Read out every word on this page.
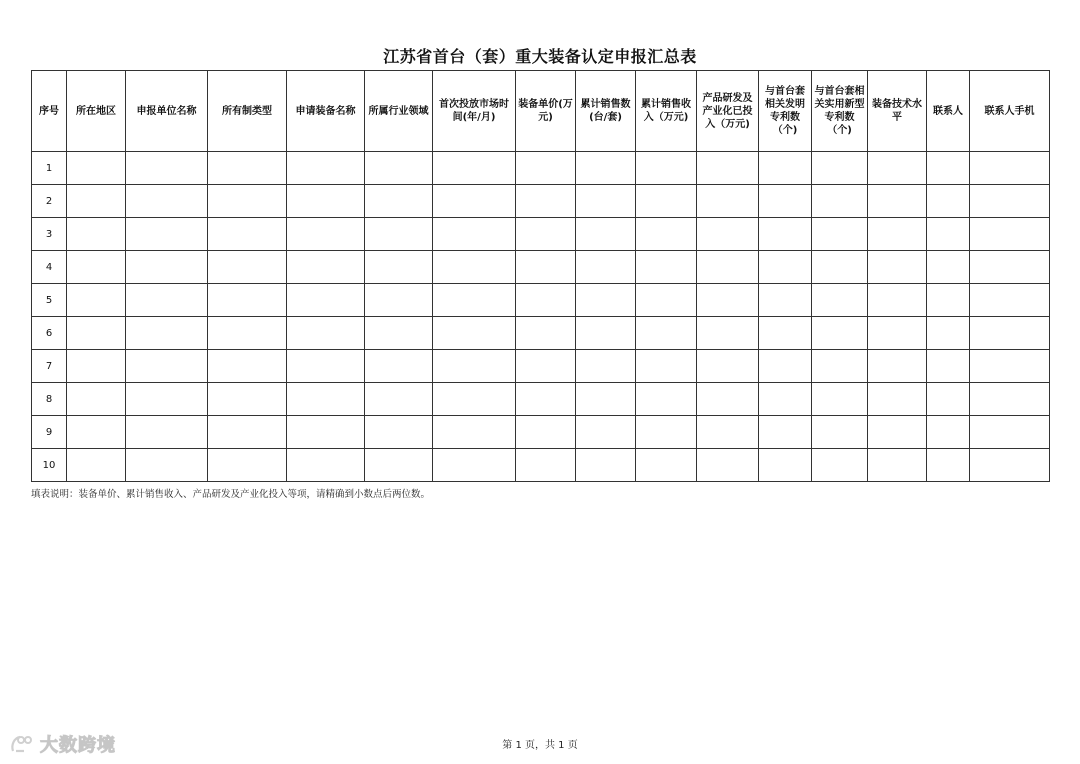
江苏省首台（套）重大装备认定申报汇总表
序号	所在地区	申报单位名称	所有制类型	申请装备名称	所属行业领域	首次投放市场时间(年/月)	装备单价(万元)	累计销售数(台/套)	累计销售收入（万元)	产品研发及产业化已投入（万元)	与首台套相关发明专利数（个)	与首台套相关实用新型专利数（个)	装备技术水平	联系人	联系人手机
1															
2															
3															
4															
5															
6															
7															
8															
9															
10															
填表说明：装备单价、累计销售收入、产品研发及产业化投入等项，请精确到小数点后两位数。
第 1 页，共 1 页
大数跨境
